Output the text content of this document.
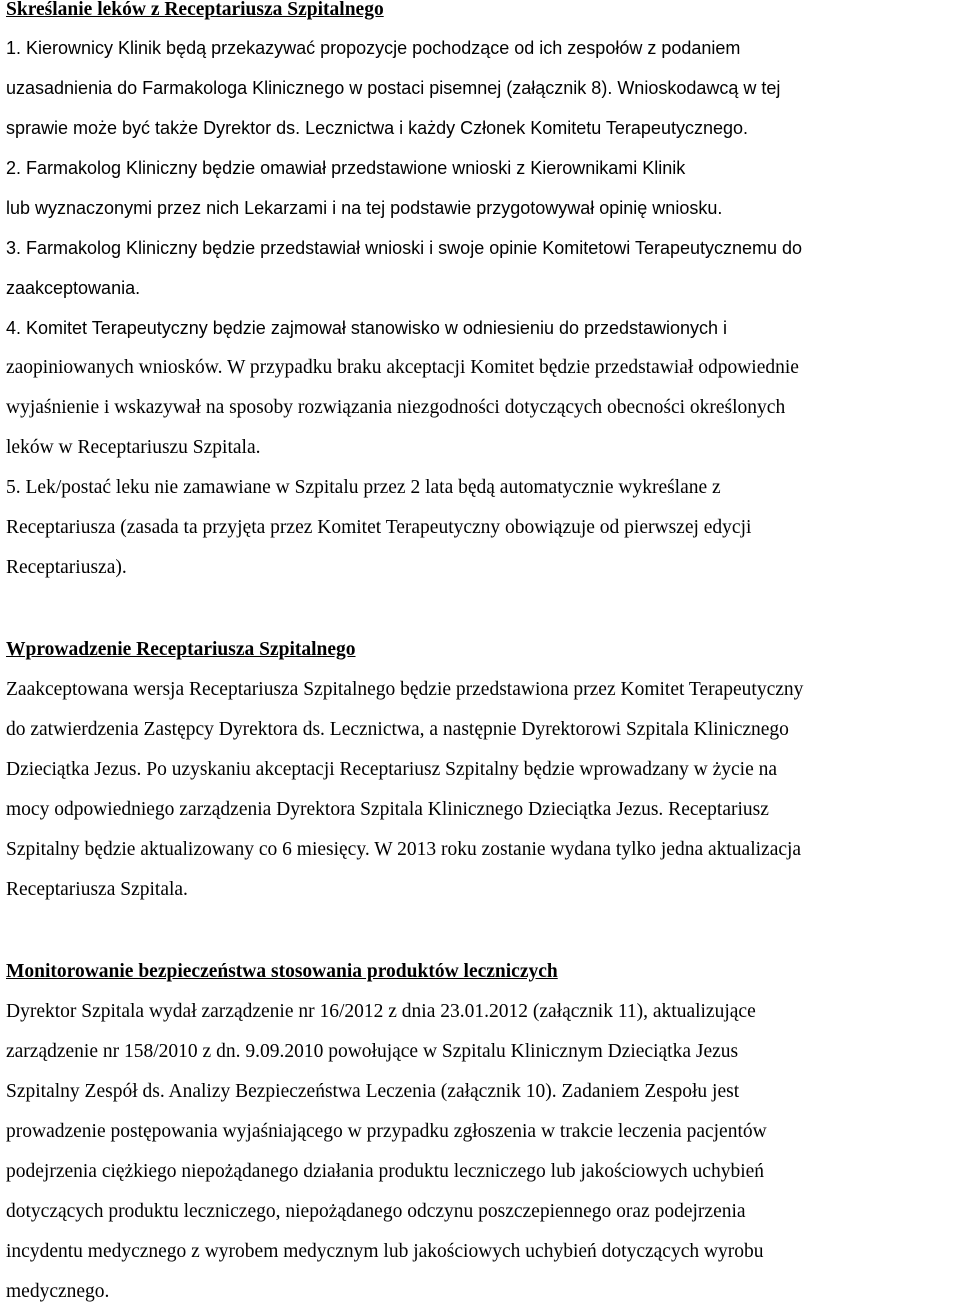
Skreślanie leków z Receptariusza Szpitalnego

1. Kierownicy Klinik będą przekazywać propozycje pochodzące od ich zespołów z podaniem

uzasadnienia do Farmakologa Klinicznego w postaci pisemnej (załącznik 8). Wnioskodawcą w tej

sprawie może być także Dyrektor ds. Lecznictwa i każdy Członek Komitetu Terapeutycznego.

2. Farmakolog Kliniczny będzie omawiał przedstawione wnioski z Kierownikami Klinik

lub wyznaczonymi przez nich Lekarzami i na tej podstawie przygotowywał opinię wniosku.

3. Farmakolog Kliniczny będzie przedstawiał wnioski i swoje opinie Komitetowi Terapeutycznemu do

zaakceptowania.

4. Komitet Terapeutyczny będzie zajmował stanowisko w odniesieniu do przedstawionych i

zaopiniowanych wniosków. W przypadku braku akceptacji Komitet będzie przedstawiał odpowiednie

wyjaśnienie i wskazywał na sposoby rozwiązania niezgodności dotyczących obecności określonych

leków w Receptariuszu Szpitala.

5. Lek/postać leku nie zamawiane w Szpitalu przez 2 lata będą automatycznie wykreślane z

Receptariusza (zasada ta przyjęta przez Komitet Terapeutyczny obowiązuje od pierwszej edycji

Receptariusza).

Wprowadzenie Receptariusza Szpitalnego

Zaakceptowana wersja Receptariusza Szpitalnego będzie przedstawiona przez Komitet Terapeutyczny

do zatwierdzenia Zastępcy Dyrektora ds. Lecznictwa, a następnie Dyrektorowi Szpitala Klinicznego

Dzieciątka Jezus. Po uzyskaniu akceptacji Receptariusz Szpitalny będzie wprowadzany w życie na

mocy odpowiedniego zarządzenia Dyrektora Szpitala Klinicznego Dzieciątka Jezus. Receptariusz

Szpitalny będzie aktualizowany co 6 miesięcy. W 2013 roku zostanie wydana tylko jedna aktualizacja

Receptariusza Szpitala.

Monitorowanie bezpieczeństwa stosowania produktów leczniczych

Dyrektor Szpitala wydał zarządzenie nr 16/2012 z dnia 23.01.2012 (załącznik 11), aktualizujące

zarządzenie nr 158/2010 z dn. 9.09.2010 powołujące w Szpitalu Klinicznym Dzieciątka Jezus

Szpitalny Zespół ds. Analizy Bezpieczeństwa Leczenia (załącznik 10). Zadaniem Zespołu jest

prowadzenie postępowania wyjaśniającego w przypadku zgłoszenia w trakcie leczenia pacjentów

podejrzenia ciężkiego niepożądanego działania produktu leczniczego lub jakościowych uchybień

dotyczących produktu leczniczego, niepożądanego odczynu poszczepiennego oraz podejrzenia

incydentu medycznego z wyrobem medycznym lub jakościowych uchybień dotyczących wyrobu

medycznego.
